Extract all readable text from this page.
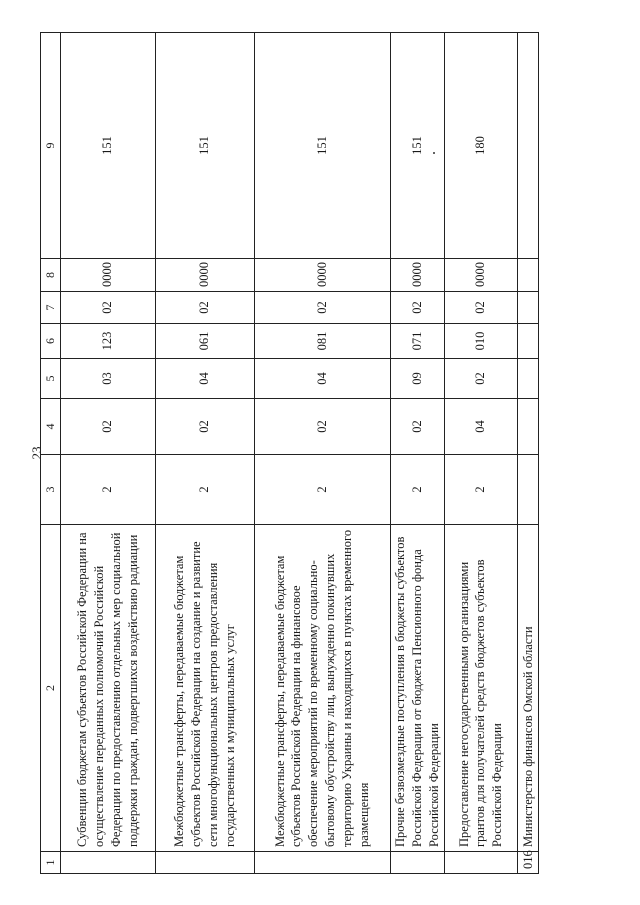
23
1	2	3	4	5	6	7	8	9
	Субвенции бюджетам субъектов Российской Федерации на осуществление переданных полномочий Российской Федерации по предоставлению отдельных мер социальной поддержки граждан, подвергшихся воздействию радиации	2	02	03	123	02	0000	151
	Межбюджетные трансферты, передаваемые бюджетам субъектов Российской Федерации на создание и развитие сети многофункциональных центров предоставления государственных и муниципальных услуг	2	02	04	061	02	0000	151
	Межбюджетные трансферты, передаваемые бюджетам субъектов Российской Федерации на финансовое обеспечение мероприятий по временному социально-бытовому обустройству лиц, вынужденно покинувших территорию Украины и находящихся в пунктах временного размещения	2	02	04	081	02	0000	151
	Прочие безвозмездные поступления в бюджеты субъектов Российской Федерации от бюджета Пенсионного фонда Российской Федерации	2	02	09	071	02	0000	151
	Предоставление негосударственными организациями грантов для получателей средств бюджетов субъектов Российской Федерации	2	04	02	010	02	0000	180
016	Министерство финансов Омской области							
